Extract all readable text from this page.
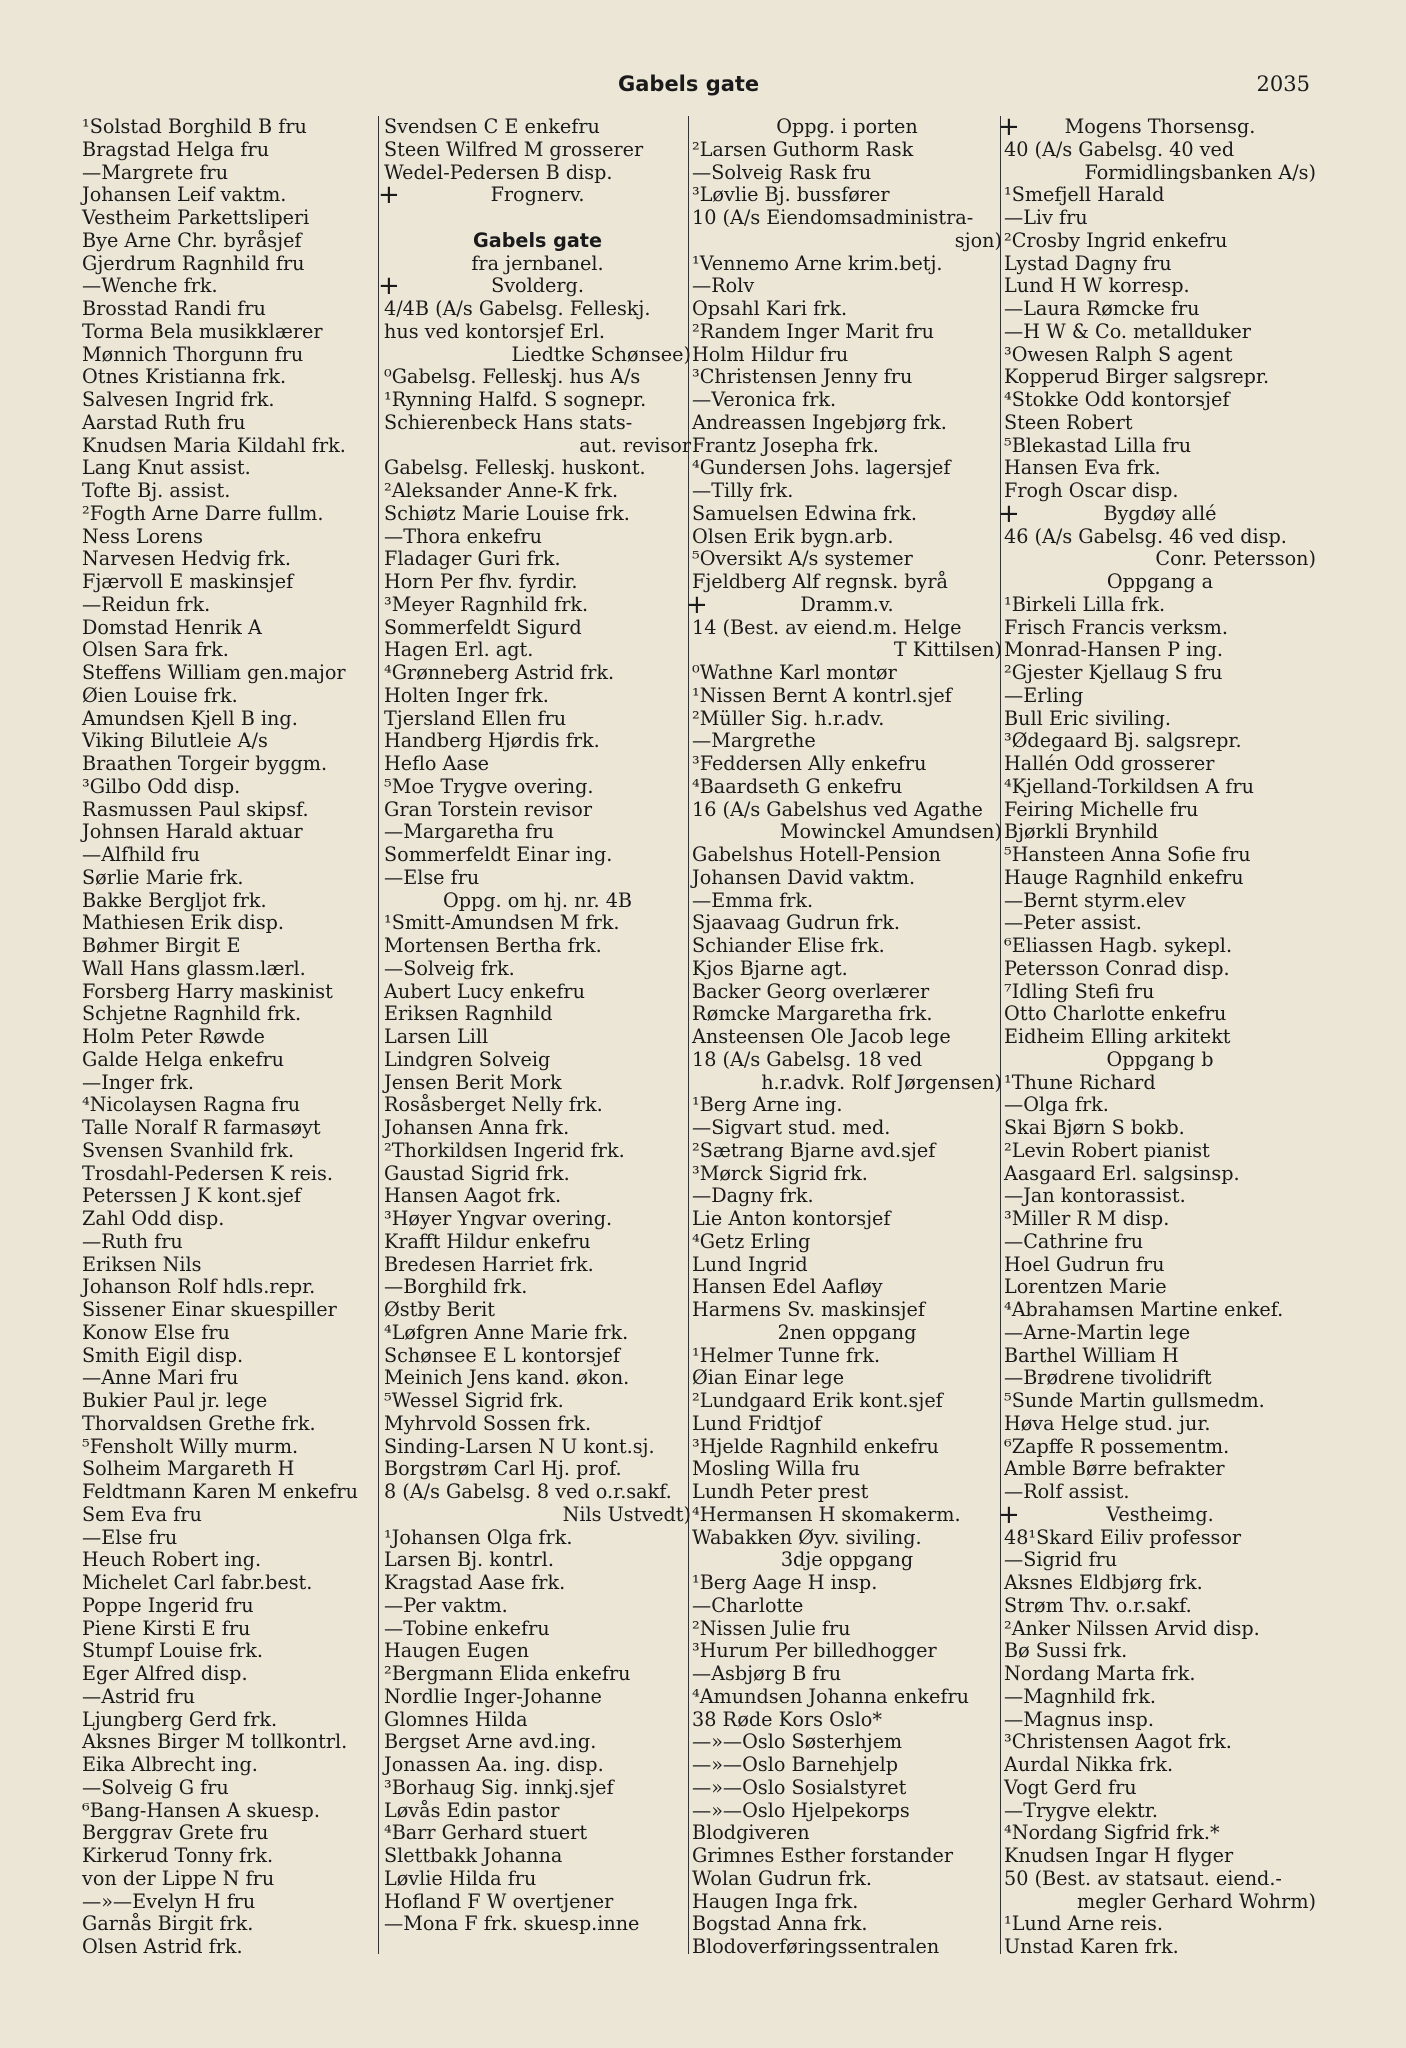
Gabels gate	2035
¹Solstad Borghild B fru
Bragstad Helga fru
—Margrete fru
Johansen Leif vaktm.
Vestheim Parkettsliperi
Bye Arne Chr. byråsjef
Gjerdrum Ragnhild fru
—Wenche frk.
Brosstad Randi fru
Torma Bela musikklærer
Mønnich Thorgunn fru
Otnes Kristianna frk.
Salvesen Ingrid frk.
Aarstad Ruth fru
Knudsen Maria Kildahl frk.
Lang Knut assist.
Tofte Bj. assist.
²Fogth Arne Darre fullm.
Ness Lorens
Narvesen Hedvig frk.
Fjærvoll E maskinsjef
—Reidun frk.
Domstad Henrik A
Olsen Sara frk.
Steffens William gen.major
Øien Louise frk.
Amundsen Kjell B ing.
Viking Bilutleie A/s
Braathen Torgeir byggm.
³Gilbo Odd disp.
Rasmussen Paul skipsf.
Johnsen Harald aktuar
—Alfhild fru
Sørlie Marie frk.
Bakke Bergljot frk.
Mathiesen Erik disp.
Bøhmer Birgit E
Wall Hans glassm.lærl.
Forsberg Harry maskinist
Schjetne Ragnhild frk.
Holm Peter Røwde
Galde Helga enkefru
—Inger frk.
⁴Nicolaysen Ragna fru
Talle Noralf R farmasøyt
Svensen Svanhild frk.
Trosdahl-Pedersen K reis.
Peterssen J K kont.sjef
Zahl Odd disp.
—Ruth fru
Eriksen Nils
Johanson Rolf hdls.repr.
Sissener Einar skuespiller
Konow Else fru
Smith Eigil disp.
—Anne Mari fru
Bukier Paul jr. lege
Thorvaldsen Grethe frk.
⁵Fensholt Willy murm.
Solheim Margareth H
Feldtmann Karen M enkefru
Sem Eva fru
—Else fru
Heuch Robert ing.
Michelet Carl fabr.best.
Poppe Ingerid fru
Piene Kirsti E fru
Stumpf Louise frk.
Eger Alfred disp.
—Astrid fru
Ljungberg Gerd frk.
Aksnes Birger M tollkontrl.
Eika Albrecht ing.
—Solveig G fru
⁶Bang-Hansen A skuesp.
Berggrav Grete fru
Kirkerud Tonny frk.
von der Lippe N fru
—»—Evelyn H fru
Garnås Birgit frk.
Olsen Astrid frk.
Svendsen C E enkefru
Steen Wilfred M grosserer
Wedel-Pedersen B disp.
+	Frognerv.
Gabels gate
fra jernbanel.
+	Svolderg.
4/4B (A/s Gabelsg. Felleskj.
hus ved kontorsjef Erl.
Liedtke Schønsee)
⁰Gabelsg. Felleskj. hus A/s
¹Rynning Halfd. S sognepr.
Schierenbeck Hans stats-
aut. revisor
Gabelsg. Felleskj. huskont.
²Aleksander Anne-K frk.
Schiøtz Marie Louise frk.
—Thora enkefru
Fladager Guri frk.
Horn Per fhv. fyrdir.
³Meyer Ragnhild frk.
Sommerfeldt Sigurd
Hagen Erl. agt.
⁴Grønneberg Astrid frk.
Holten Inger frk.
Tjersland Ellen fru
Handberg Hjørdis frk.
Heflo Aase
⁵Moe Trygve overing.
Gran Torstein revisor
—Margaretha fru
Sommerfeldt Einar ing.
—Else fru
Oppg. om hj. nr. 4B
¹Smitt-Amundsen M frk.
Mortensen Bertha frk.
—Solveig frk.
Aubert Lucy enkefru
Eriksen Ragnhild
Larsen Lill
Lindgren Solveig
Jensen Berit Mork
Rosåsberget Nelly frk.
Johansen Anna frk.
²Thorkildsen Ingerid frk.
Gaustad Sigrid frk.
Hansen Aagot frk.
³Høyer Yngvar overing.
Krafft Hildur enkefru
Bredesen Harriet frk.
—Borghild frk.
Østby Berit
⁴Løfgren Anne Marie frk.
Schønsee E L kontorsjef
Meinich Jens kand. økon.
⁵Wessel Sigrid frk.
Myhrvold Sossen frk.
Sinding-Larsen N U kont.sj.
Borgstrøm Carl Hj. prof.
8 (A/s Gabelsg. 8 ved o.r.sakf.
Nils Ustvedt)
¹Johansen Olga frk.
Larsen Bj. kontrl.
Kragstad Aase frk.
—Per vaktm.
—Tobine enkefru
Haugen Eugen
²Bergmann Elida enkefru
Nordlie Inger-Johanne
Glomnes Hilda
Bergset Arne avd.ing.
Jonassen Aa. ing. disp.
³Borhaug Sig. innkj.sjef
Løvås Edin pastor
⁴Barr Gerhard stuert
Slettbakk Johanna
Løvlie Hilda fru
Hofland F W overtjener
—Mona F frk. skuesp.inne
Oppg. i porten
²Larsen Guthorm Rask
—Solveig Rask fru
³Løvlie Bj. bussfører
10 (A/s Eiendomsadministra-
sjon)
¹Vennemo Arne krim.betj.
—Rolv
Opsahl Kari frk.
²Randem Inger Marit fru
Holm Hildur fru
³Christensen Jenny fru
—Veronica frk.
Andreassen Ingebjørg frk.
Frantz Josepha frk.
⁴Gundersen Johs. lagersjef
—Tilly frk.
Samuelsen Edwina frk.
Olsen Erik bygn.arb.
⁵Oversikt A/s systemer
Fjeldberg Alf regnsk. byrå
+	Dramm.v.
14 (Best. av eiend.m. Helge
T Kittilsen)
⁰Wathne Karl montør
¹Nissen Bernt A kontrl.sjef
²Müller Sig. h.r.adv.
—Margrethe
³Feddersen Ally enkefru
⁴Baardseth G enkefru
16 (A/s Gabelshus ved Agathe
Mowinckel Amundsen)
Gabelshus Hotell-Pension
Johansen David vaktm.
—Emma frk.
Sjaavaag Gudrun frk.
Schiander Elise frk.
Kjos Bjarne agt.
Backer Georg overlærer
Rømcke Margaretha frk.
Ansteensen Ole Jacob lege
18 (A/s Gabelsg. 18 ved
h.r.advk. Rolf Jørgensen)
¹Berg Arne ing.
—Sigvart stud. med.
²Sætrang Bjarne avd.sjef
³Mørck Sigrid frk.
—Dagny frk.
Lie Anton kontorsjef
⁴Getz Erling
Lund Ingrid
Hansen Edel Aafløy
Harmens Sv. maskinsjef
2nen oppgang
¹Helmer Tunne frk.
Øian Einar lege
²Lundgaard Erik kont.sjef
Lund Fridtjof
³Hjelde Ragnhild enkefru
Mosling Willa fru
Lundh Peter prest
⁴Hermansen H skomakerm.
Wabakken Øyv. siviling.
3dje oppgang
¹Berg Aage H insp.
—Charlotte
²Nissen Julie fru
³Hurum Per billedhogger
—Asbjørg B fru
⁴Amundsen Johanna enkefru
38 Røde Kors Oslo*
—»—Oslo Søsterhjem
—»—Oslo Barnehjelp
—»—Oslo Sosialstyret
—»—Oslo Hjelpekorps
Blodgiveren
Grimnes Esther forstander
Wolan Gudrun frk.
Haugen Inga frk.
Bogstad Anna frk.
Blodoverføringssentralen
+ Mogens Thorsensg.
40 (A/s Gabelsg. 40 ved
Formidlingsbanken A/s)
¹Smefjell Harald
—Liv fru
²Crosby Ingrid enkefru
Lystad Dagny fru
Lund H W korresp.
—Laura Rømcke fru
—H W & Co. metallduker
³Owesen Ralph S agent
Kopperud Birger salgsrepr.
⁴Stokke Odd kontorsjef
Steen Robert
⁵Blekastad Lilla fru
Hansen Eva frk.
Frogh Oscar disp.
+	Bygdøy allé
46 (A/s Gabelsg. 46 ved disp.
Conr. Petersson)
Oppgang a
¹Birkeli Lilla frk.
Frisch Francis verksm.
Monrad-Hansen P ing.
²Gjester Kjellaug S fru
—Erling
Bull Eric siviling.
³Ødegaard Bj. salgsrepr.
Hallén Odd grosserer
⁴Kjelland-Torkildsen A fru
Feiring Michelle fru
Bjørkli Brynhild
⁵Hansteen Anna Sofie fru
Hauge Ragnhild enkefru
—Bernt styrm.elev
—Peter assist.
⁶Eliassen Hagb. sykepl.
Petersson Conrad disp.
⁷Idling Stefi fru
Otto Charlotte enkefru
Eidheim Elling arkitekt
Oppgang b
¹Thune Richard
—Olga frk.
Skai Bjørn S bokb.
²Levin Robert pianist
Aasgaard Erl. salgsinsp.
—Jan kontorassist.
³Miller R M disp.
—Cathrine fru
Hoel Gudrun fru
Lorentzen Marie
⁴Abrahamsen Martine enkef.
—Arne-Martin lege
Barthel William H
—Brødrene tivolidrift
⁵Sunde Martin gullsmedm.
Høva Helge stud. jur.
⁶Zapffe R possementm.
Amble Børre befrakter
—Rolf assist.
+	Vestheimg.
48¹Skard Eiliv professor
—Sigrid fru
Aksnes Eldbjørg frk.
Strøm Thv. o.r.sakf.
²Anker Nilssen Arvid disp.
Bø Sussi frk.
Nordang Marta frk.
—Magnhild frk.
—Magnus insp.
³Christensen Aagot frk.
Aurdal Nikka frk.
Vogt Gerd fru
—Trygve elektr.
⁴Nordang Sigfrid frk.*
Knudsen Ingar H flyger
50 (Best. av statsaut. eiend.-
megler Gerhard Wohrm)
¹Lund Arne reis.
Unstad Karen frk.
